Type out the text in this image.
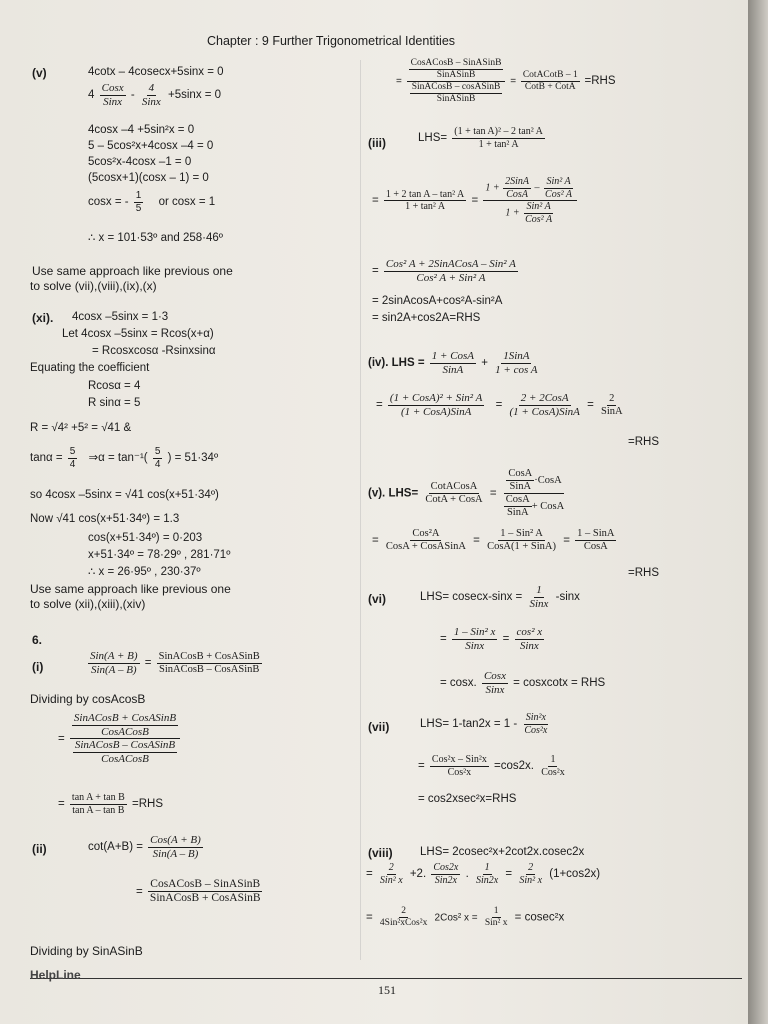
Chapter : 9 Further Trigonometrical Identities
(v)	4cotx – 4cosecx+5sinx = 0
$4 \frac{\text{Cosx}}{\text{Sinx}} - \frac{4}{\text{Sinx}} +5\sin x = 0$
4cosx –4 +5sin²x = 0
5 – 5cos²x+4cosx –4 = 0
5cos²x-4cosx –1 = 0
(5cosx+1)(cosx – 1) = 0
cosx = - $\frac{1}{5}$ or cosx = 1
∴ x = 101·53º and 258·46º
Use same approach like previous one
to solve (vii),(viii),(ix),(x)
(xi). 4cosx –5sinx = 1·3
Let 4cosx –5sinx = Rcos(x+α)
= Rcosxcosα -Rsinxsinα
Equating the coefficient
Rcosα = 4
R sinα = 5
R = √4² +5² = √41 &
$\tan\alpha = \frac{5}{4}$ ⇒α = $\tan^{-1}( \frac{5}{4}$ ) = 51·34º
so 4cosx –5sinx = √41 cos(x+51·34º)
Now √41 cos(x+51·34º) = 1.3
cos(x+51·34º) = 0·203
x+51·34º = 78·29º , 281·71º
∴ x = 26·95º , 230·37º
Use same approach like previous one
to solve (xii),(xiii),(xiv)
6.
(i)	$\frac{\text{Sin(A + B)}}{\text{Sin(A – B)}} = \frac{\text{SinACosB + CosASinB}}{\text{SinACosB – CosASinB}}$
Dividing by cosAcosB
= $\frac{\frac{\text{SinACosB + CosASinB}}{\text{CosACosB}}}{\frac{\text{SinACosB – CosASinB}}{\text{CosACosB}}}$
= $\frac{\text{tan A + tan B}}{\text{tan A – tan B}} =RHS$
(ii)	$\cot(A+B) = \frac{\text{Cos(A + B)}}{\text{Sin(A – B)}}$
= $\frac{\text{CosACosB – SinASinB}}{\text{SinACosB + CosASinB}}$
Dividing by SinASinB
= $\frac{\frac{\text{CosACosB – SinASinB}}{\text{SinASinB}}}{\frac{\text{SinACosB – cosASinB}}{\text{SinASinB}}} = \frac{\text{CotACotB – 1}}{\text{CotB + CotA}} =RHS$
(iii)	$LHS= \frac{\text{(1 + tan A)² – 2 tan² A}}{\text{1 + tan² A}}$
= $\frac{\text{1 + 2 tan A – tan² A}}{\text{1 + tan² A}} = \frac{1 + \frac{\text{2SinA}}{\text{CosA}} - \frac{\text{Sin² A}}{\text{Cos² A}}}{1 + \frac{\text{Sin² A}}{\text{Cos² A}}}$
= $\frac{\text{Cos² A + 2SinACosA – Sin² A}}{\text{Cos² A + Sin² A}}$
= 2sinAcosA+cos²A-sin²A
= sin2A+cos2A=RHS
(iv). LHS = $\frac{\text{1 + CosA}}{\text{SinA}} + \frac{\text{1SinA}}{\text{1 + cos A}}$
= $\frac{\text{(1 + CosA)² + Sin² A}}{\text{(1 + CosA)SinA}} = \frac{\text{2 + 2CosA}}{\text{(1 + CosA)SinA}} = \frac{2}{\text{SinA}}$
=RHS
(v). $LHS= \frac{\text{CotACosA}}{\text{CotA + CosA}} = \frac{\frac{\text{CosA}}{\text{SinA}} \cdot CosA}{\frac{\text{CosA}}{\text{SinA}} + CosA}$
= $\frac{\text{Cos²A}}{\text{CosA + CosASinA}} = \frac{\text{1 – Sin² A}}{\text{CosA(1 + SinA)}} = \frac{\text{1 – SinA}}{\text{CosA}}$
=RHS
(vi)	$LHS= cosecx-\sin x = \frac{1}{\text{Sinx}} -\sin x$
= $\frac{\text{1 – Sin² x}}{\text{Sinx}} = \frac{\text{cos² x}}{\text{Sinx}}$
= cosx. $\frac{\text{Cosx}}{\text{Sinx}}$ = cosxcotx = RHS
(vii)	$LHS= 1-\tan 2x = 1 - \frac{\text{Sin²x}}{\text{Cos²x}}$
= $\frac{\text{Cos²x – Sin²x}}{\text{Cos²x}} =\cos 2x$. $\frac{1}{\text{Cos²x}}$
= cos2xsec²x=RHS
(viii) LHS= 2cosec²x+2cot2x.cosec2x
= $\frac{2}{\text{Sin² x}} +2$. $\frac{\text{Cos2x}}{\text{Sin2x}}$ . $\frac{1}{\text{Sin2x}} = \frac{2}{\text{Sin² x}} (1+\cos 2x)$
= $\frac{2}{\text{4Sin²xCos²x}} 2Cos^2$ $x = \frac{1}{\text{Sin² x}} = cosec^2x$
HelpLine
151
